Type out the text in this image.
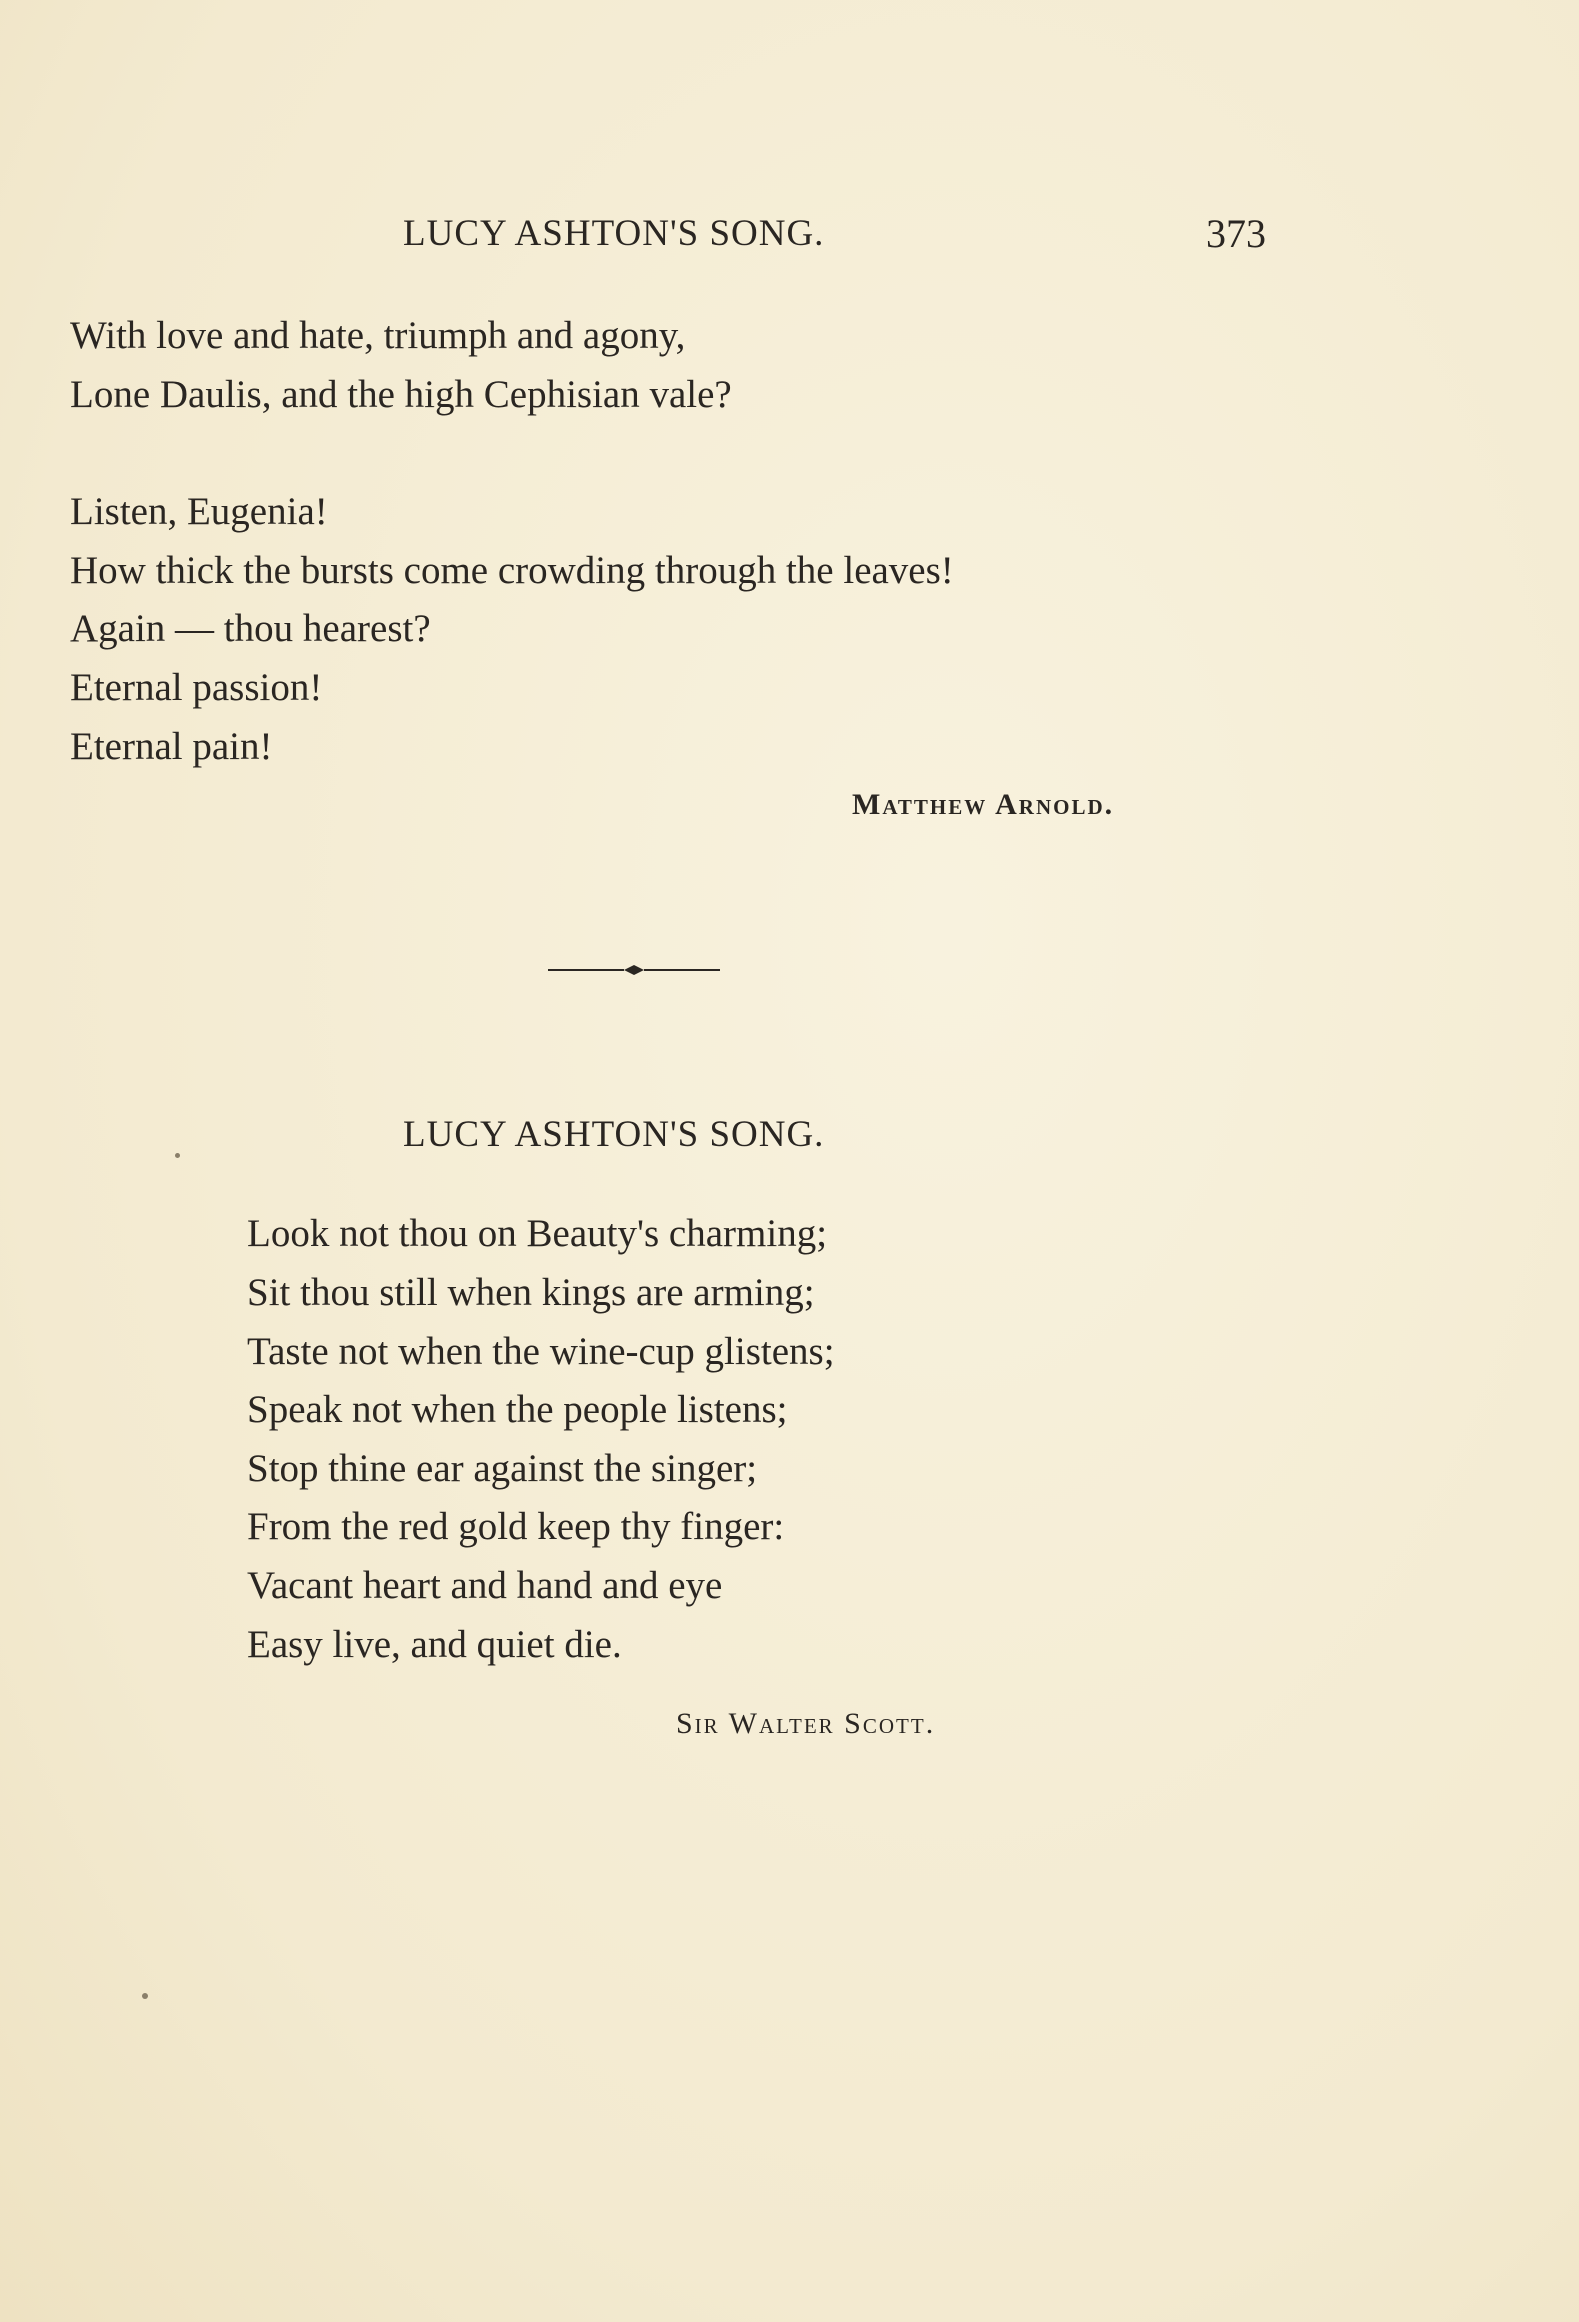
LUCY ASHTON'S SONG.	373
With love and hate, triumph and agony,
Lone Daulis, and the high Cephisian vale?
Listen, Eugenia!
How thick the bursts come crowding through the leaves!
Again — thou hearest?
Eternal passion!
Eternal pain!
Matthew Arnold.
LUCY ASHTON'S SONG.
Look not thou on Beauty's charming;
Sit thou still when kings are arming;
Taste not when the wine-cup glistens;
Speak not when the people listens;
Stop thine ear against the singer;
From the red gold keep thy finger:
Vacant heart and hand and eye
Easy live, and quiet die.
Sir Walter Scott.
